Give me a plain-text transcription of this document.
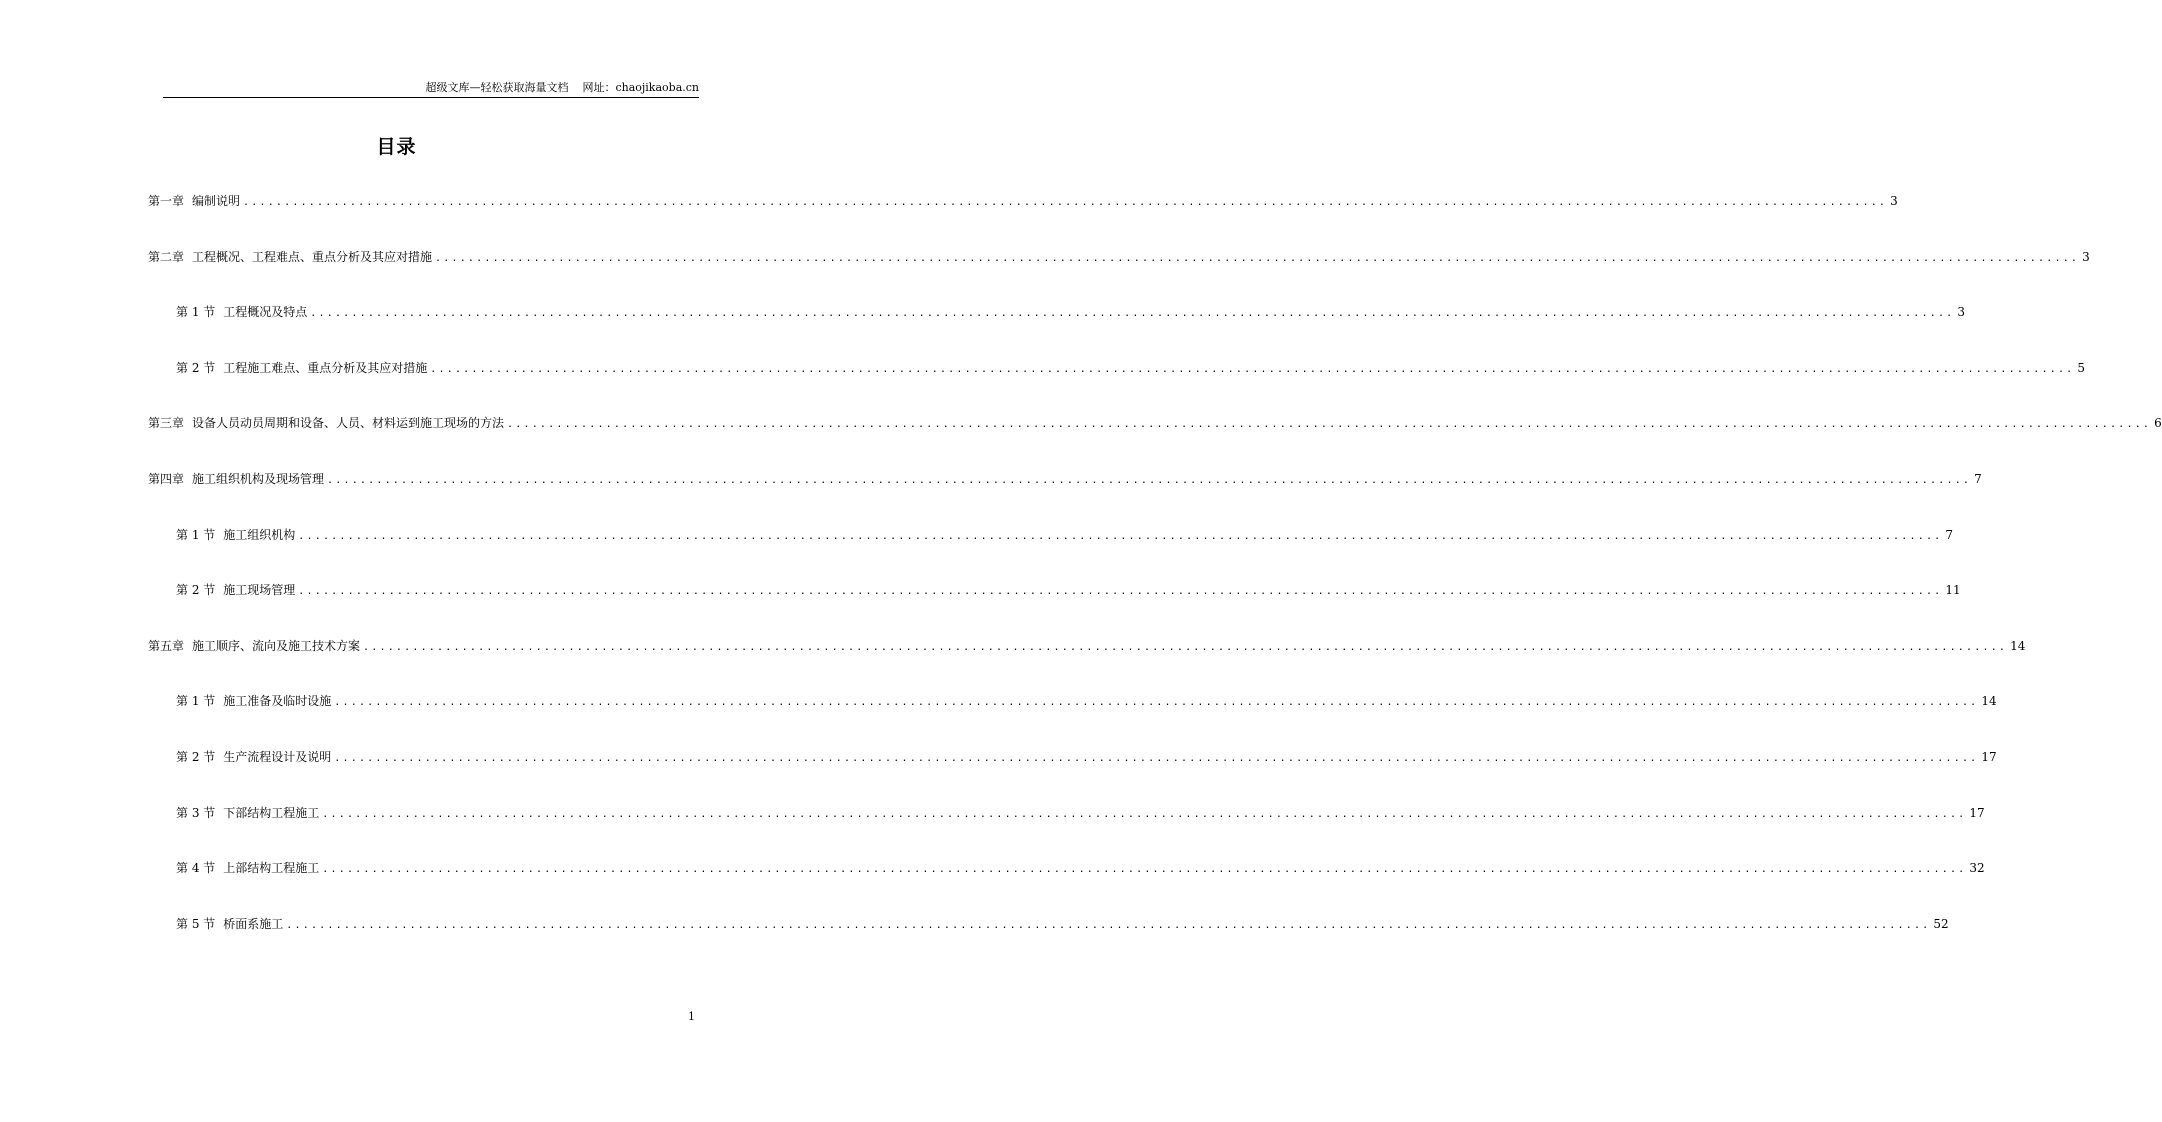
超级文库—轻松获取海量文档 网址：chaojikaoba.cn
目录
第一章 编制说明 ........................................................................................................................................................................................................ 3
第二章 工程概况、工程难点、重点分析及其应对措施 ........................................................................................................................................................................................................ 3
第 1 节 工程概况及特点 ........................................................................................................................................................................................................ 3
第 2 节 工程施工难点、重点分析及其应对措施 ........................................................................................................................................................................................................ 5
第三章 设备人员动员周期和设备、人员、材料运到施工现场的方法 ........................................................................................................................................................................................................ 6
第四章 施工组织机构及现场管理 ........................................................................................................................................................................................................ 7
第 1 节 施工组织机构 ........................................................................................................................................................................................................ 7
第 2 节 施工现场管理 ........................................................................................................................................................................................................ 11
第五章 施工顺序、流向及施工技术方案 ........................................................................................................................................................................................................ 14
第 1 节 施工准备及临时设施 ........................................................................................................................................................................................................ 14
第 2 节 生产流程设计及说明 ........................................................................................................................................................................................................ 17
第 3 节 下部结构工程施工 ........................................................................................................................................................................................................ 17
第 4 节 上部结构工程施工 ........................................................................................................................................................................................................ 32
第 5 节 桥面系施工 ........................................................................................................................................................................................................ 52
1
